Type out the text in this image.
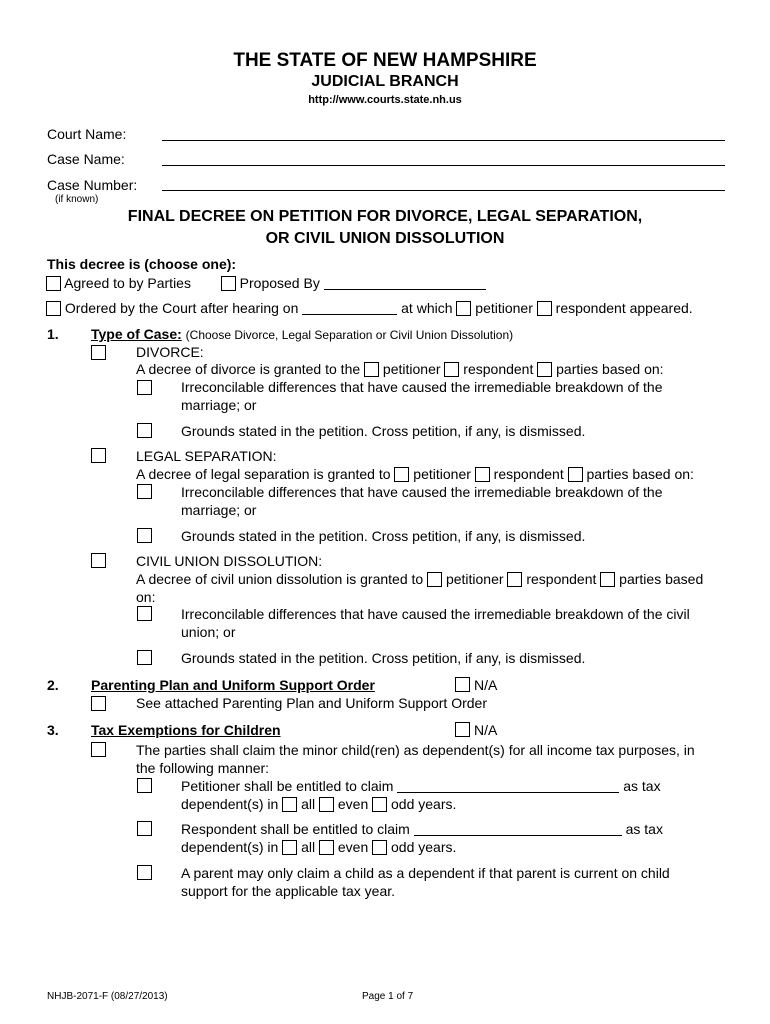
THE STATE OF NEW HAMPSHIRE
JUDICIAL BRANCH
http://www.courts.state.nh.us
Court Name:
Case Name:
Case Number:
(if known)
FINAL DECREE ON PETITION FOR DIVORCE, LEGAL SEPARATION,
OR CIVIL UNION DISSOLUTION
This decree is (choose one):
Agreed to by Parties	Proposed By
Ordered by the Court after hearing on	at which petitioner respondent appeared.
1. Type of Case: (Choose Divorce, Legal Separation or Civil Union Dissolution)
DIVORCE:
A decree of divorce is granted to the petitioner respondent parties based on:
Irreconcilable differences that have caused the irremediable breakdown of the
marriage; or
Grounds stated in the petition. Cross petition, if any, is dismissed.
LEGAL SEPARATION:
A decree of legal separation is granted to petitioner respondent parties based on:
Irreconcilable differences that have caused the irremediable breakdown of the
marriage; or
Grounds stated in the petition. Cross petition, if any, is dismissed.
CIVIL UNION DISSOLUTION:
A decree of civil union dissolution is granted to petitioner respondent parties based
on:
Irreconcilable differences that have caused the irremediable breakdown of the civil
union; or
Grounds stated in the petition. Cross petition, if any, is dismissed.
2. Parenting Plan and Uniform Support Order	N/A
See attached Parenting Plan and Uniform Support Order
3. Tax Exemptions for Children	N/A
The parties shall claim the minor child(ren) as dependent(s) for all income tax purposes, in
the following manner:
Petitioner shall be entitled to claim	as tax
dependent(s) in all even odd years.
Respondent shall be entitled to claim	as tax
dependent(s) in all even odd years.
A parent may only claim a child as a dependent if that parent is current on child
support for the applicable tax year.
NHJB-2071-F (08/27/2013)	Page 1 of 7
